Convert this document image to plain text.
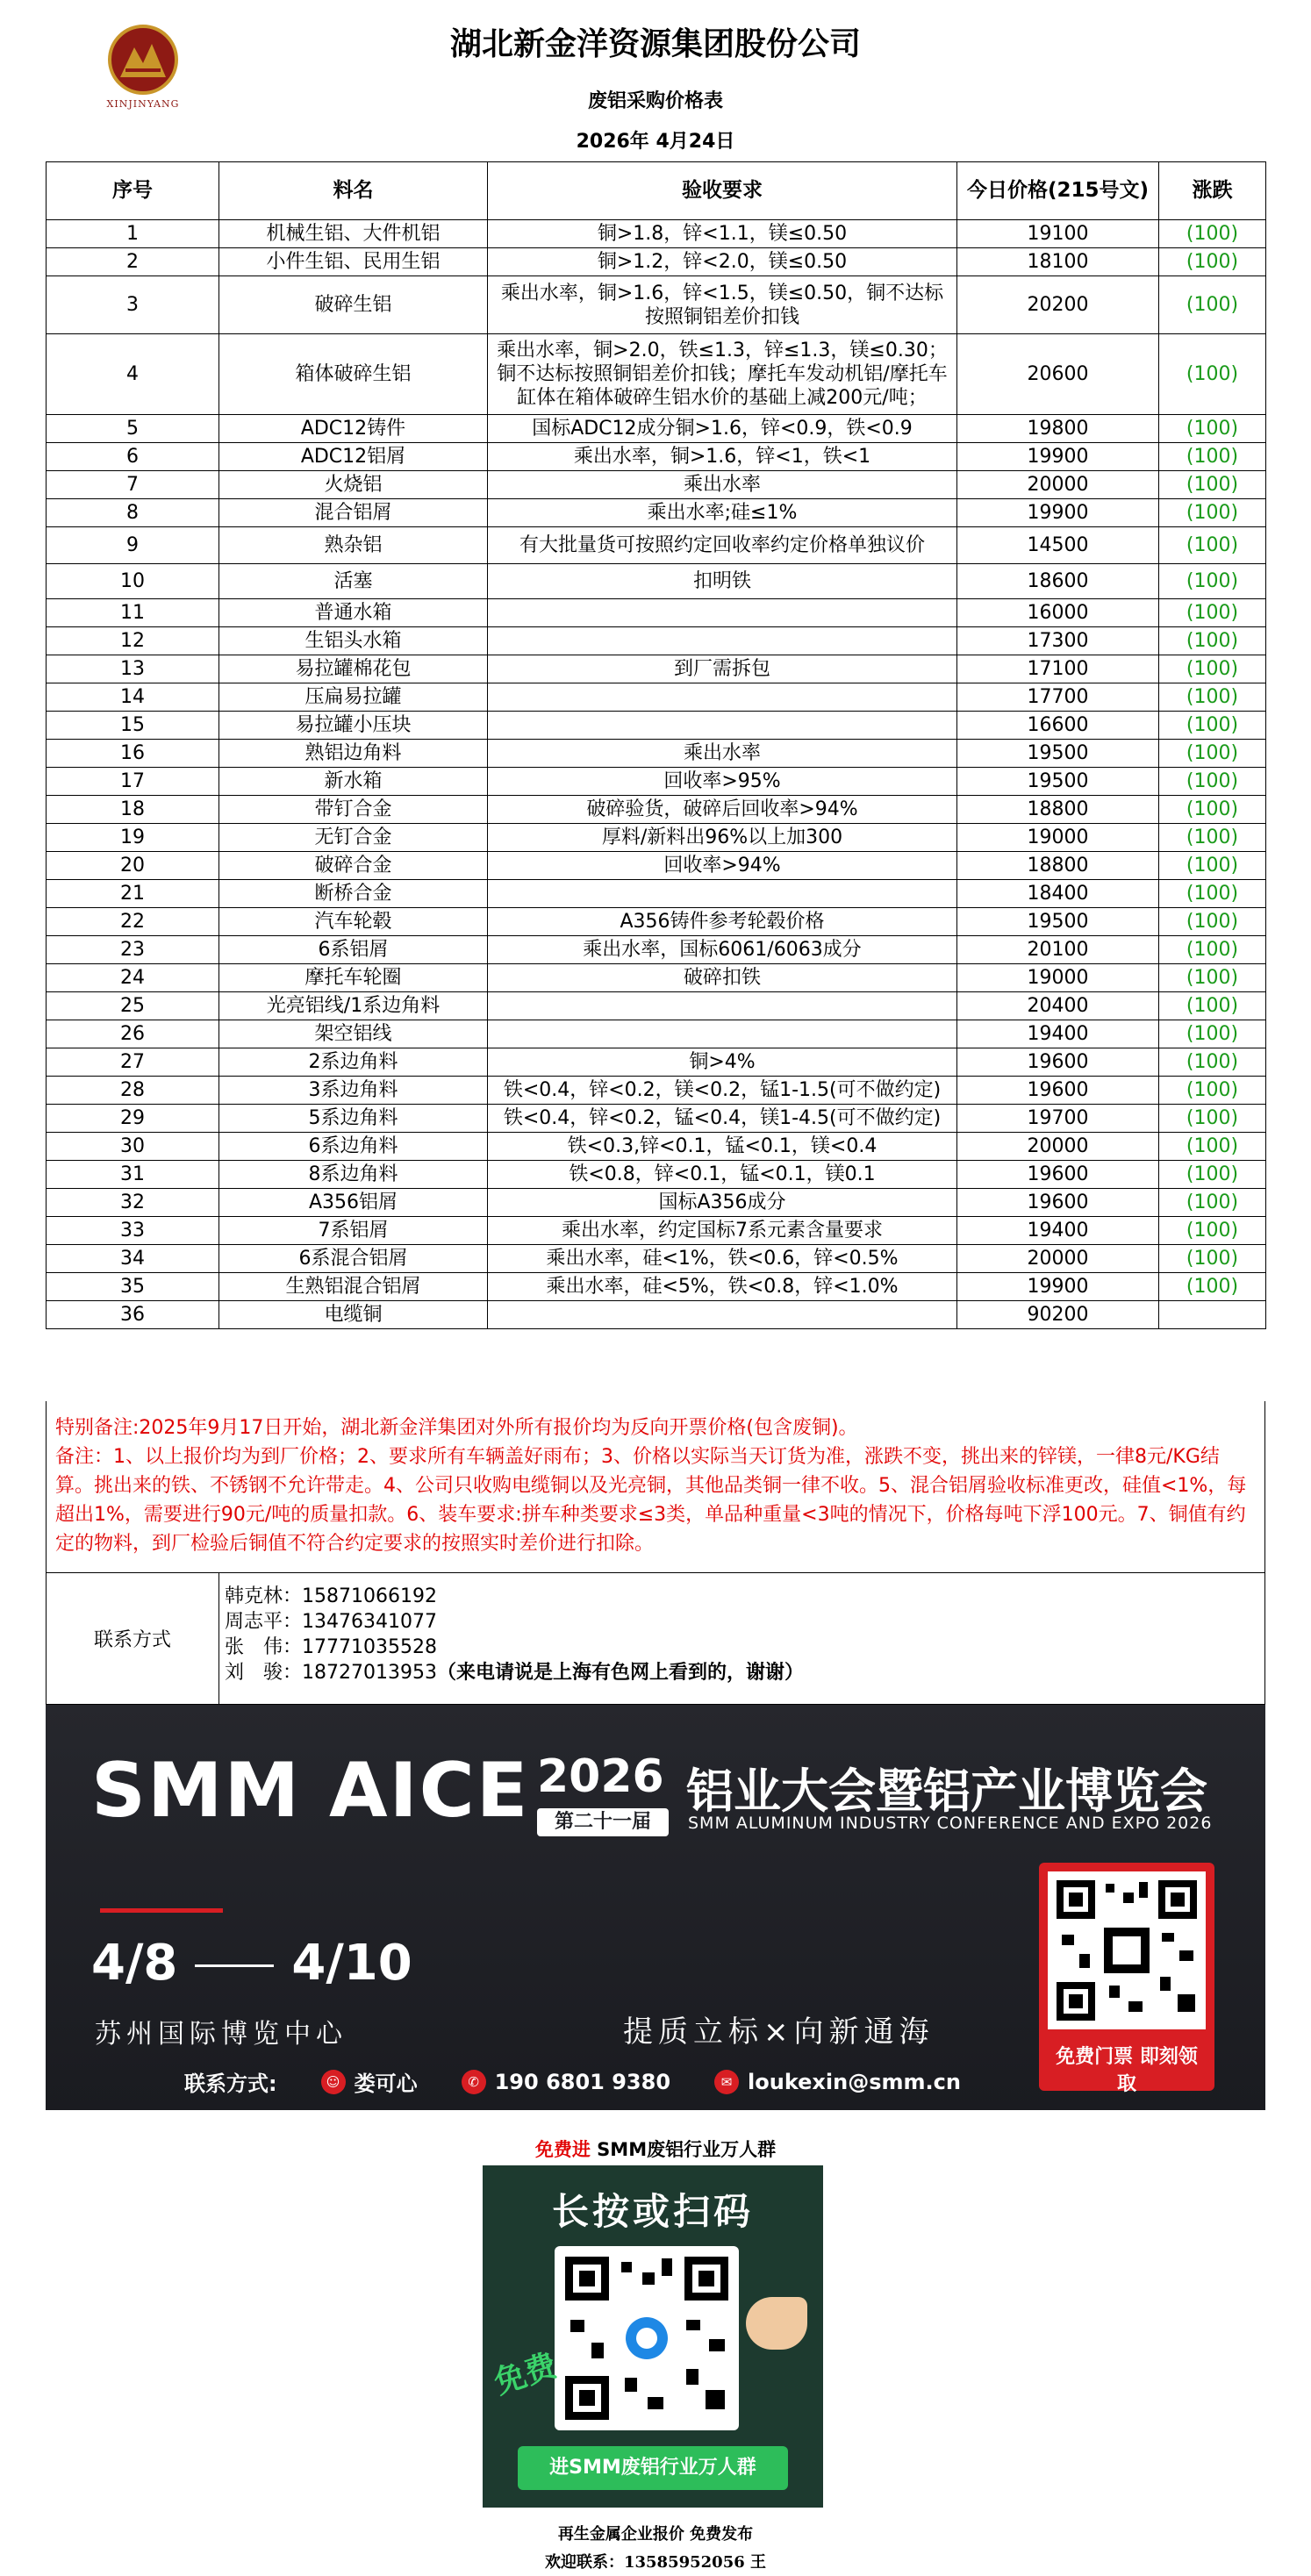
XINJINYANG
湖北新金洋资源集团股份公司
废铝采购价格表
2026年 4月24日
序号	料名	验收要求	今日价格(215号文)	涨跌
1	机械生铝、大件机铝	铜>1.8，锌<1.1，镁≤0.50	19100	(100)
2	小件生铝、民用生铝	铜>1.2，锌<2.0，镁≤0.50	18100	(100)
3	破碎生铝	乘出水率，铜>1.6，锌<1.5，镁≤0.50，铜不达标按照铜铝差价扣钱	20200	(100)
4	箱体破碎生铝	乘出水率，铜>2.0，铁≤1.3，锌≤1.3，镁≤0.30；铜不达标按照铜铝差价扣钱；摩托车发动机铝/摩托车缸体在箱体破碎生铝水价的基础上减200元/吨；	20600	(100)
5	ADC12铸件	国标ADC12成分铜>1.6，锌<0.9，铁<0.9	19800	(100)
6	ADC12铝屑	乘出水率，铜>1.6，锌<1，铁<1	19900	(100)
7	火烧铝	乘出水率	20000	(100)
8	混合铝屑	乘出水率;硅≤1%	19900	(100)
9	熟杂铝	有大批量货可按照约定回收率约定价格单独议价	14500	(100)
10	活塞	扣明铁	18600	(100)
11	普通水箱		16000	(100)
12	生铝头水箱		17300	(100)
13	易拉罐棉花包	到厂需拆包	17100	(100)
14	压扁易拉罐		17700	(100)
15	易拉罐小压块		16600	(100)
16	熟铝边角料	乘出水率	19500	(100)
17	新水箱	回收率>95%	19500	(100)
18	带钉合金	破碎验货，破碎后回收率>94%	18800	(100)
19	无钉合金	厚料/新料出96%以上加300	19000	(100)
20	破碎合金	回收率>94%	18800	(100)
21	断桥合金		18400	(100)
22	汽车轮毂	A356铸件参考轮毂价格	19500	(100)
23	6系铝屑	乘出水率，国标6061/6063成分	20100	(100)
24	摩托车轮圈	破碎扣铁	19000	(100)
25	光亮铝线/1系边角料		20400	(100)
26	架空铝线		19400	(100)
27	2系边角料	铜>4%	19600	(100)
28	3系边角料	铁<0.4，锌<0.2，镁<0.2，锰1-1.5(可不做约定)	19600	(100)
29	5系边角料	铁<0.4，锌<0.2，锰<0.4，镁1-4.5(可不做约定)	19700	(100)
30	6系边角料	铁<0.3,锌<0.1，锰<0.1，镁<0.4	20000	(100)
31	8系边角料	铁<0.8，锌<0.1，锰<0.1，镁0.1	19600	(100)
32	A356铝屑	国标A356成分	19600	(100)
33	7系铝屑	乘出水率，约定国标7系元素含量要求	19400	(100)
34	6系混合铝屑	乘出水率，硅<1%，铁<0.6，锌<0.5%	20000	(100)
35	生熟铝混合铝屑	乘出水率，硅<5%，铁<0.8，锌<1.0%	19900	(100)
36	电缆铜		90200	

特别备注:2025年9月17日开始，湖北新金洋集团对外所有报价均为反向开票价格(包含废铜)。

备注：1、以上报价均为到厂价格；2、要求所有车辆盖好雨布；3、价格以实际当天订货为准，涨跌不变，挑出来的锌镁，一律8元/KG结算。挑出来的铁、不锈钢不允许带走。4、公司只收购电缆铜以及光亮铜，其他品类铜一律不收。5、混合铝屑验收标准更改，硅值<1%，每超出1%，需要进行90元/吨的质量扣款。6、装车要求:拼车种类要求≤3类，单品种重量<3吨的情况下，价格每吨下浮100元。7、铜值有约定的物料，到厂检验后铜值不符合约定要求的按照实时差价进行扣除。

联系方式
韩克林：15871066192
周志平：13476341077
张　伟：17771035528
刘　骏：18727013953（来电请说是上海有色网上看到的，谢谢）
SMM AICE 2026
第二十一届
铝业大会暨铝产业博览会
SMM ALUMINUM INDUSTRY CONFERENCE AND EXPO 2026
4/8 4/10
苏州国际博览中心	提质立标×向新通海
联系方式:	☺ 娄可心	✆ 190 6801 9380	✉ loukexin@smm.cn
免费门票 即刻领取
免费进 SMM废铝行业万人群
长按或扫码
免费
进SMM废铝行业万人群
再生金属企业报价 免费发布
欢迎联系：13585952056 王
